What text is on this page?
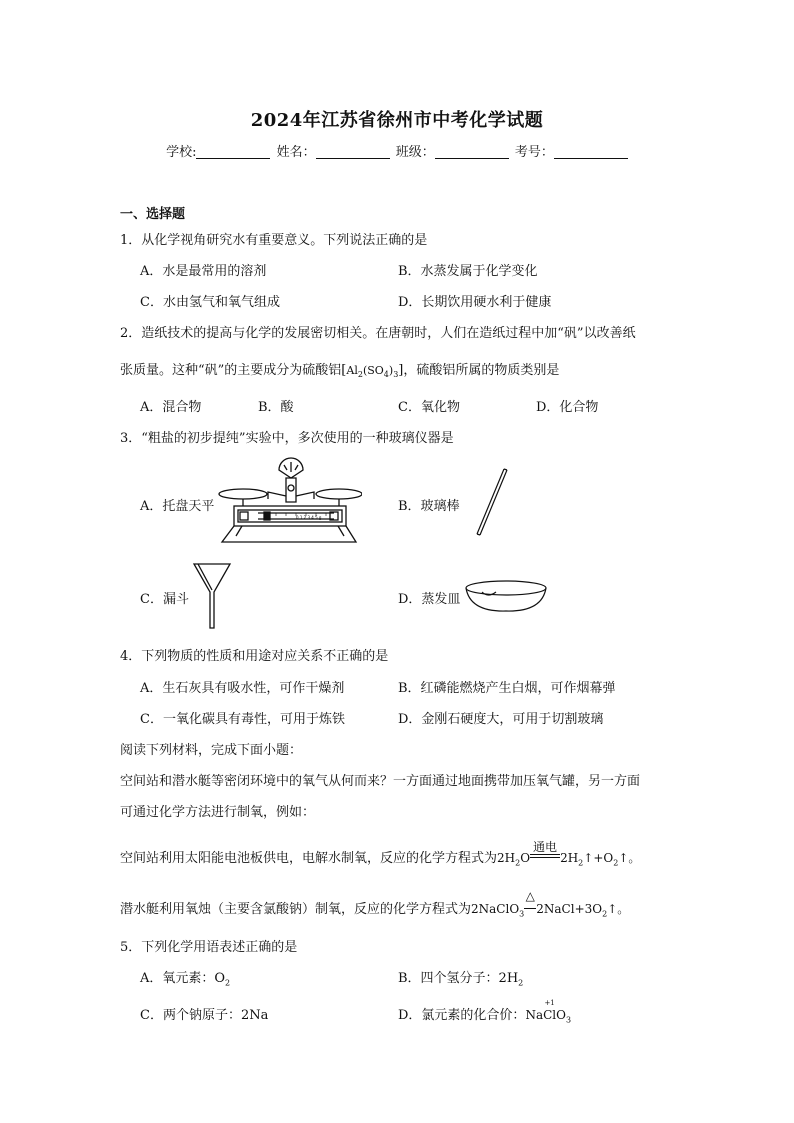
2024年江苏省徐州市中考化学试题
学校:	姓名：	班级：	考号：
一、选择题
1．从化学视角研究水有重要意义。下列说法正确的是
A．水是最常用的溶剂	B．水蒸发属于化学变化
C．水由氢气和氧气组成	D．长期饮用硬水利于健康
2．造纸技术的提高与化学的发展密切相关。在唐朝时，人们在造纸过程中加“矾”以改善纸
张质量。这种“矾”的主要成分为硫酸铝$[Al_2(SO_4)_3]$，硫酸铝所属的物质类别是
A．混合物	B．酸	C．氧化物	D．化合物
3．“粗盐的初步提纯”实验中，多次使用的一种玻璃仪器是
A．托盘天平	B．玻璃棒
C．漏斗	D．蒸发皿
0 1 2 3 4 5 g
4．下列物质的性质和用途对应关系不正确的是
A．生石灰具有吸水性，可作干燥剂	B．红磷能燃烧产生白烟，可作烟幕弹
C．一氧化碳具有毒性，可用于炼铁	D．金刚石硬度大，可用于切割玻璃
阅读下列材料，完成下面小题：
空间站和潜水艇等密闭环境中的氧气从何而来？一方面通过地面携带加压氧气罐，另一方面
可通过化学方法进行制氧，例如：
空间站利用太阳能电池板供电，电解水制氧，反应的化学方程式为$2H_2O$
通电
$2H_2↑+O_2↑$。
潜水艇利用氧烛（主要含氯酸钠）制氧，反应的化学方程式为2NaClO$_3$
△
$2NaCl+3O_2↑$。
5．下列化学用语表述正确的是
A．氧元素：$O_2$	B．四个氢分子：$2H_2$
C．两个钠原子：2Na	D．氯元素的化合价：Na
+1
ClO$_3$
